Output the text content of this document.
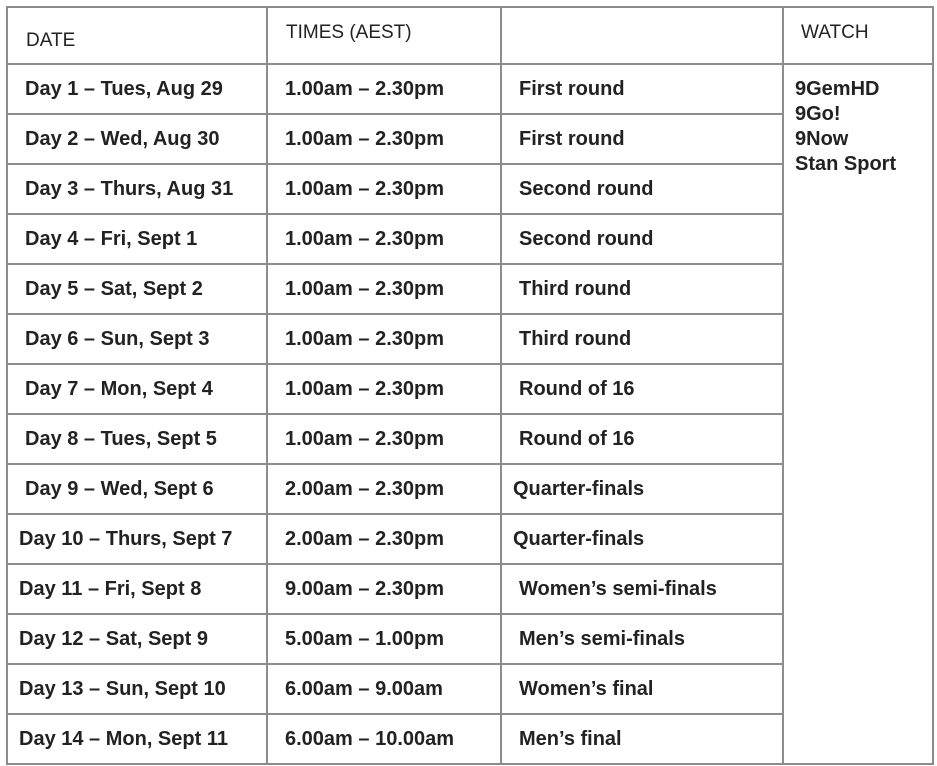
DATE	TIMES (AEST)		WATCH
Day 1 – Tues, Aug 29	1.00am – 2.30pm	First round	9GemHD
9Go!
9Now
Stan Sport

Day 2 – Wed, Aug 30	1.00am – 2.30pm	First round	
Day 3 – Thurs, Aug 31	1.00am – 2.30pm	Second round	
Day 4 – Fri, Sept 1	1.00am – 2.30pm	Second round	
Day 5 – Sat, Sept 2	1.00am – 2.30pm	Third round	
Day 6 – Sun, Sept 3	1.00am – 2.30pm	Third round	
Day 7 – Mon, Sept 4	1.00am – 2.30pm	Round of 16	
Day 8 – Tues, Sept 5	1.00am – 2.30pm	Round of 16	
Day 9 – Wed, Sept 6	2.00am – 2.30pm	Quarter-finals	
Day 10 – Thurs, Sept 7	2.00am – 2.30pm	Quarter-finals	
Day 11 – Fri, Sept 8	9.00am – 2.30pm	Women’s semi-finals	
Day 12 – Sat, Sept 9	5.00am – 1.00pm	Men’s semi-finals	
Day 13 – Sun, Sept 10	6.00am – 9.00am	Women’s final	
Day 14 – Mon, Sept 11	6.00am – 10.00am	Men’s final	
